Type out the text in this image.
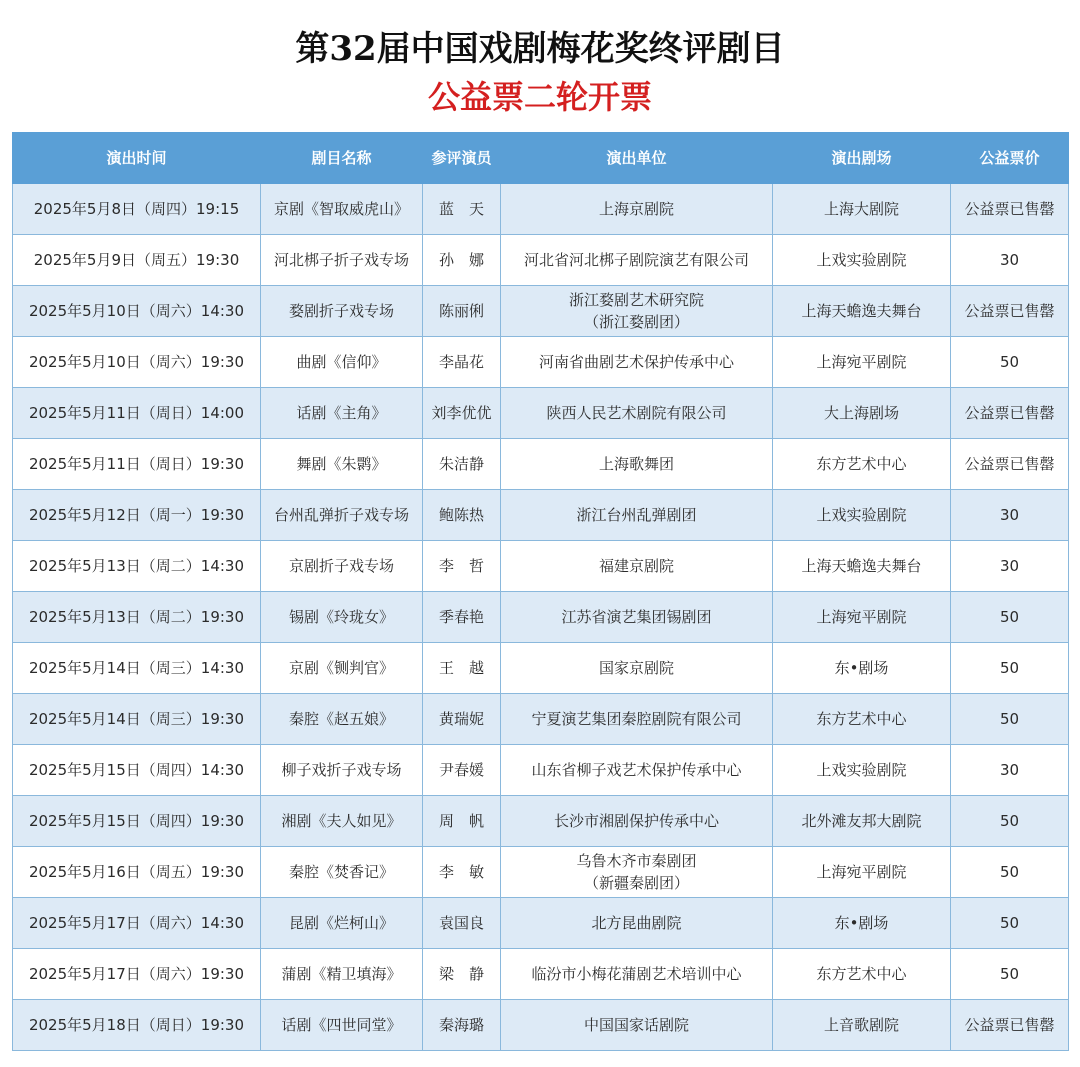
第32届中国戏剧梅花奖终评剧目
公益票二轮开票
演出时间	剧目名称	参评演员	演出单位	演出剧场	公益票价
2025年5月8日（周四）19:15	京剧《智取威虎山》	蓝　天	上海京剧院	上海大剧院	公益票已售罄
2025年5月9日（周五）19:30	河北梆子折子戏专场	孙　娜	河北省河北梆子剧院演艺有限公司	上戏实验剧院	30
2025年5月10日（周六）14:30	婺剧折子戏专场	陈丽俐	浙江婺剧艺术研究院
（浙江婺剧团）	上海天蟾逸夫舞台	公益票已售罄
2025年5月10日（周六）19:30	曲剧《信仰》	李晶花	河南省曲剧艺术保护传承中心	上海宛平剧院	50
2025年5月11日（周日）14:00	话剧《主角》	刘李优优	陕西人民艺术剧院有限公司	大上海剧场	公益票已售罄
2025年5月11日（周日）19:30	舞剧《朱鹮》	朱洁静	上海歌舞团	东方艺术中心	公益票已售罄
2025年5月12日（周一）19:30	台州乱弹折子戏专场	鲍陈热	浙江台州乱弹剧团	上戏实验剧院	30
2025年5月13日（周二）14:30	京剧折子戏专场	李　哲	福建京剧院	上海天蟾逸夫舞台	30
2025年5月13日（周二）19:30	锡剧《玲珑女》	季春艳	江苏省演艺集团锡剧团	上海宛平剧院	50
2025年5月14日（周三）14:30	京剧《铡判官》	王　越	国家京剧院	东•剧场	50
2025年5月14日（周三）19:30	秦腔《赵五娘》	黄瑞妮	宁夏演艺集团秦腔剧院有限公司	东方艺术中心	50
2025年5月15日（周四）14:30	柳子戏折子戏专场	尹春媛	山东省柳子戏艺术保护传承中心	上戏实验剧院	30
2025年5月15日（周四）19:30	湘剧《夫人如见》	周　帆	长沙市湘剧保护传承中心	北外滩友邦大剧院	50
2025年5月16日（周五）19:30	秦腔《焚香记》	李　敏	乌鲁木齐市秦剧团
（新疆秦剧团）	上海宛平剧院	50
2025年5月17日（周六）14:30	昆剧《烂柯山》	袁国良	北方昆曲剧院	东•剧场	50
2025年5月17日（周六）19:30	蒲剧《精卫填海》	梁　静	临汾市小梅花蒲剧艺术培训中心	东方艺术中心	50
2025年5月18日（周日）19:30	话剧《四世同堂》	秦海璐	中国国家话剧院	上音歌剧院	公益票已售罄
